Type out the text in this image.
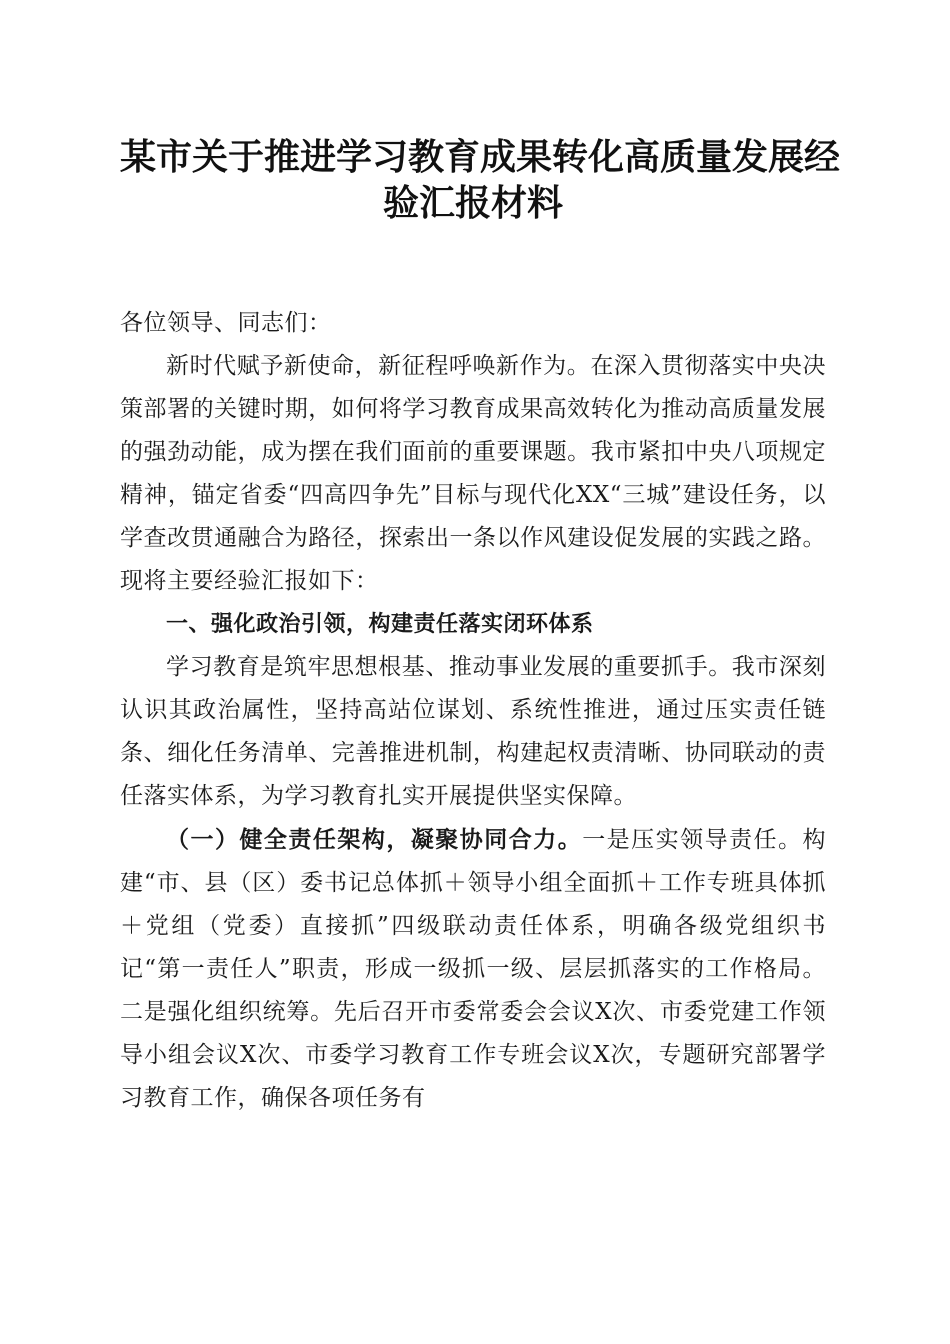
某市关于推进学习教育成果转化高质量发展经
验汇报材料

各位领导、同志们：

新时代赋予新使命，新征程呼唤新作为。在深入贯彻落实中央决策部署的关键时期，如何将学习教育成果高效转化为推动高质量发展的强劲动能，成为摆在我们面前的重要课题。我市紧扣中央八项规定精神，锚定省委“四高四争先”目标与现代化XX“三城”建设任务，以学查改贯通融合为路径，探索出一条以作风建设促发展的实践之路。现将主要经验汇报如下：

一、强化政治引领，构建责任落实闭环体系

学习教育是筑牢思想根基、推动事业发展的重要抓手。我市深刻认识其政治属性，坚持高站位谋划、系统性推进，通过压实责任链条、细化任务清单、完善推进机制，构建起权责清晰、协同联动的责任落实体系，为学习教育扎实开展提供坚实保障。

（一）健全责任架构，凝聚协同合力。一是压实领导责任。构建“市、县（区）委书记总体抓＋领导小组全面抓＋工作专班具体抓＋党组（党委）直接抓”四级联动责任体系，明确各级党组织书记“第一责任人”职责，形成一级抓一级、层层抓落实的工作格局。二是强化组织统筹。先后召开市委常委会会议X次、市委党建工作领导小组会议X次、市委学习教育工作专班会议X次，专题研究部署学习教育工作，确保各项任务有
